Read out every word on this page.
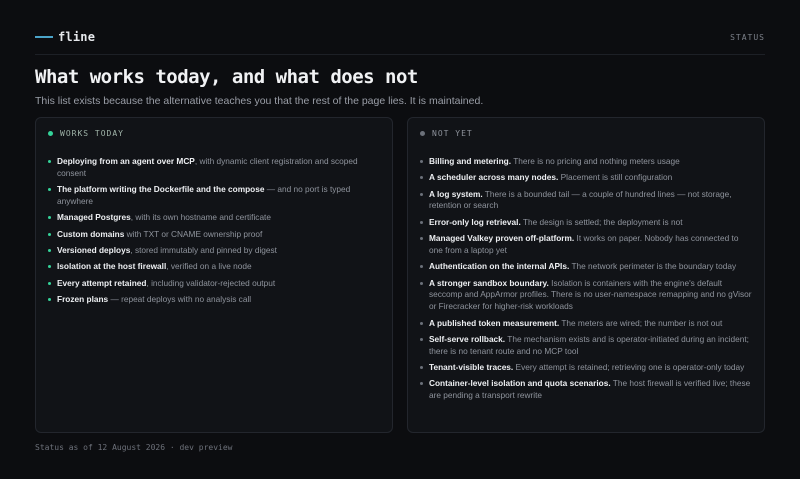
fline	STATUS
What works today, and what does not
This list exists because the alternative teaches you that the rest of the page lies. It is maintained.
WORKS TODAY
Deploying from an agent over MCP, with dynamic client registration and scoped consent
The platform writing the Dockerfile and the compose — and no port is typed anywhere
Managed Postgres, with its own hostname and certificate
Custom domains with TXT or CNAME ownership proof
Versioned deploys, stored immutably and pinned by digest
Isolation at the host firewall, verified on a live node
Every attempt retained, including validator-rejected output
Frozen plans — repeat deploys with no analysis call
NOT YET
Billing and metering. There is no pricing and nothing meters usage
A scheduler across many nodes. Placement is still configuration
A log system. There is a bounded tail — a couple of hundred lines — not storage, retention or search
Error-only log retrieval. The design is settled; the deployment is not
Managed Valkey proven off-platform. It works on paper. Nobody has connected to one from a laptop yet
Authentication on the internal APIs. The network perimeter is the boundary today
A stronger sandbox boundary. Isolation is containers with the engine's default seccomp and AppArmor profiles. There is no user-namespace remapping and no gVisor or Firecracker for higher-risk workloads
A published token measurement. The meters are wired; the number is not out
Self-serve rollback. The mechanism exists and is operator-initiated during an incident; there is no tenant route and no MCP tool
Tenant-visible traces. Every attempt is retained; retrieving one is operator-only today
Container-level isolation and quota scenarios. The host firewall is verified live; these are pending a transport rewrite
Status as of 12 August 2026 · dev preview
